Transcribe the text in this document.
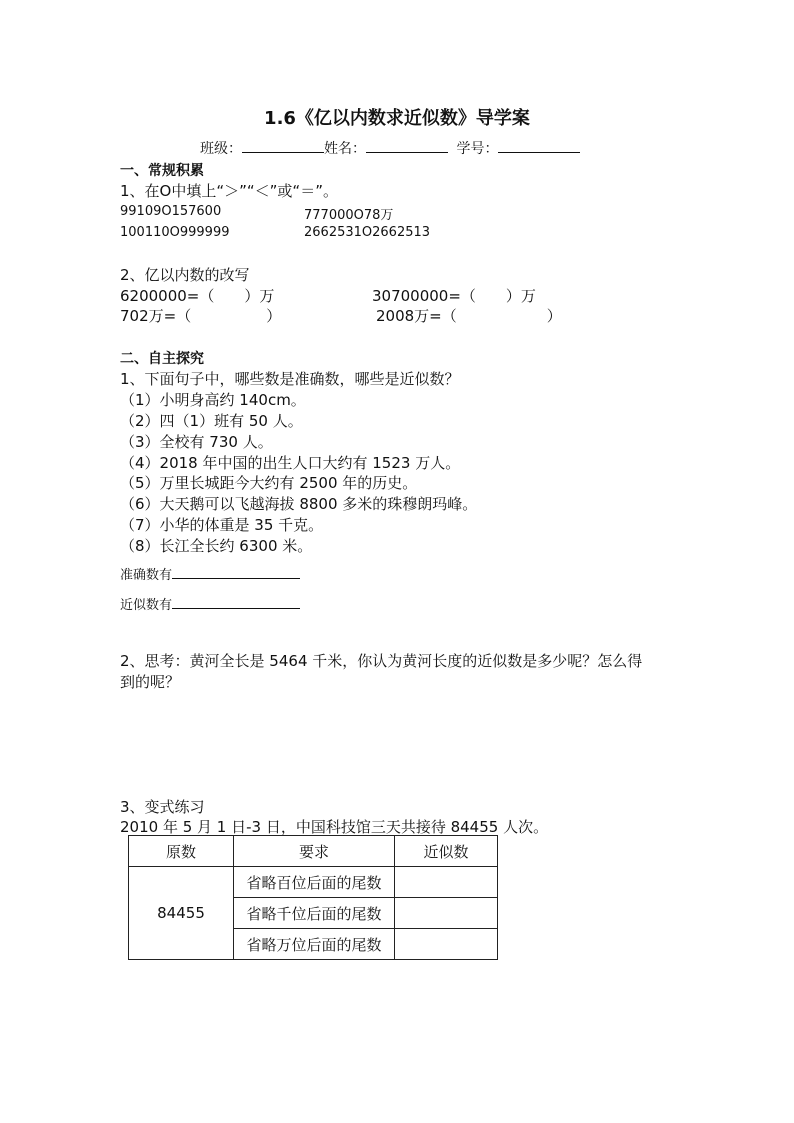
1.6《亿以内数求近似数》导学案
班级：	姓名：	学号：
一、常规积累
1、在O中填上“＞”“＜”或“＝”。
99109O157600	777000O78万
100110O999999	2662531O2662513
2、亿以内数的改写
6200000=（　　）万	30700000=（　　）万
702万=（　　　　　）	2008万=（　　　　　　）
二、自主探究
1、下面句子中，哪些数是准确数，哪些是近似数？
（1）小明身高约 140cm。
（2）四（1）班有 50 人。
（3）全校有 730 人。
（4）2018 年中国的出生人口大约有 1523 万人。
（5）万里长城距今大约有 2500 年的历史。
（6）大天鹅可以飞越海拔 8800 多米的珠穆朗玛峰。
（7）小华的体重是 35 千克。
（8）长江全长约 6300 米。
准确数有
近似数有
2、思考：黄河全长是 5464 千米，你认为黄河长度的近似数是多少呢？怎么得
到的呢？
3、变式练习
2010 年 5 月 1 日-3 日，中国科技馆三天共接待 84455 人次。
原数	要求	近似数
84455	省略百位后面的尾数	
	省略千位后面的尾数	
	省略万位后面的尾数	
